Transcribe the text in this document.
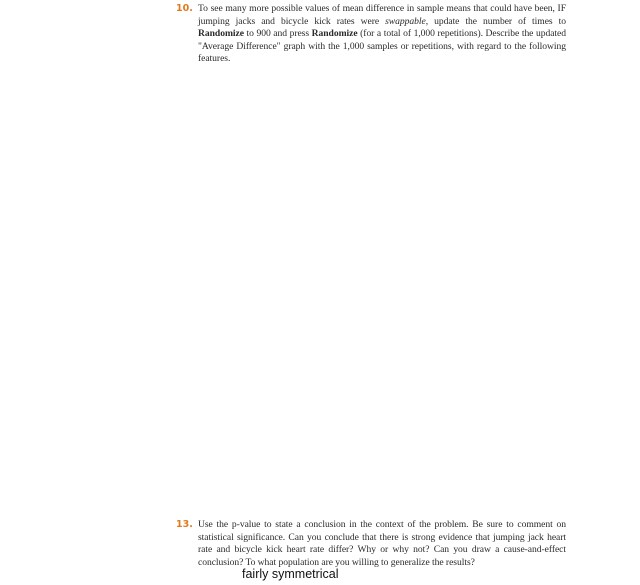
10. To see many more possible values of mean difference in sample means that could have been, IF jumping jacks and bicycle kick rates were swappable, update the number of times to Randomize to 900 and press Randomize (for a total of 1,000 repetitions). Describe the updated "Average Difference" graph with the 1,000 samples or repetitions, with regard to the following features.
13. Use the p-value to state a conclusion in the context of the problem. Be sure to comment on statistical significance. Can you conclude that there is strong evidence that jumping jack heart rate and bicycle kick heart rate differ? Why or why not? Can you draw a cause-and-effect conclusion? To what population are you willing to generalize the results?
fairly symmetrical
